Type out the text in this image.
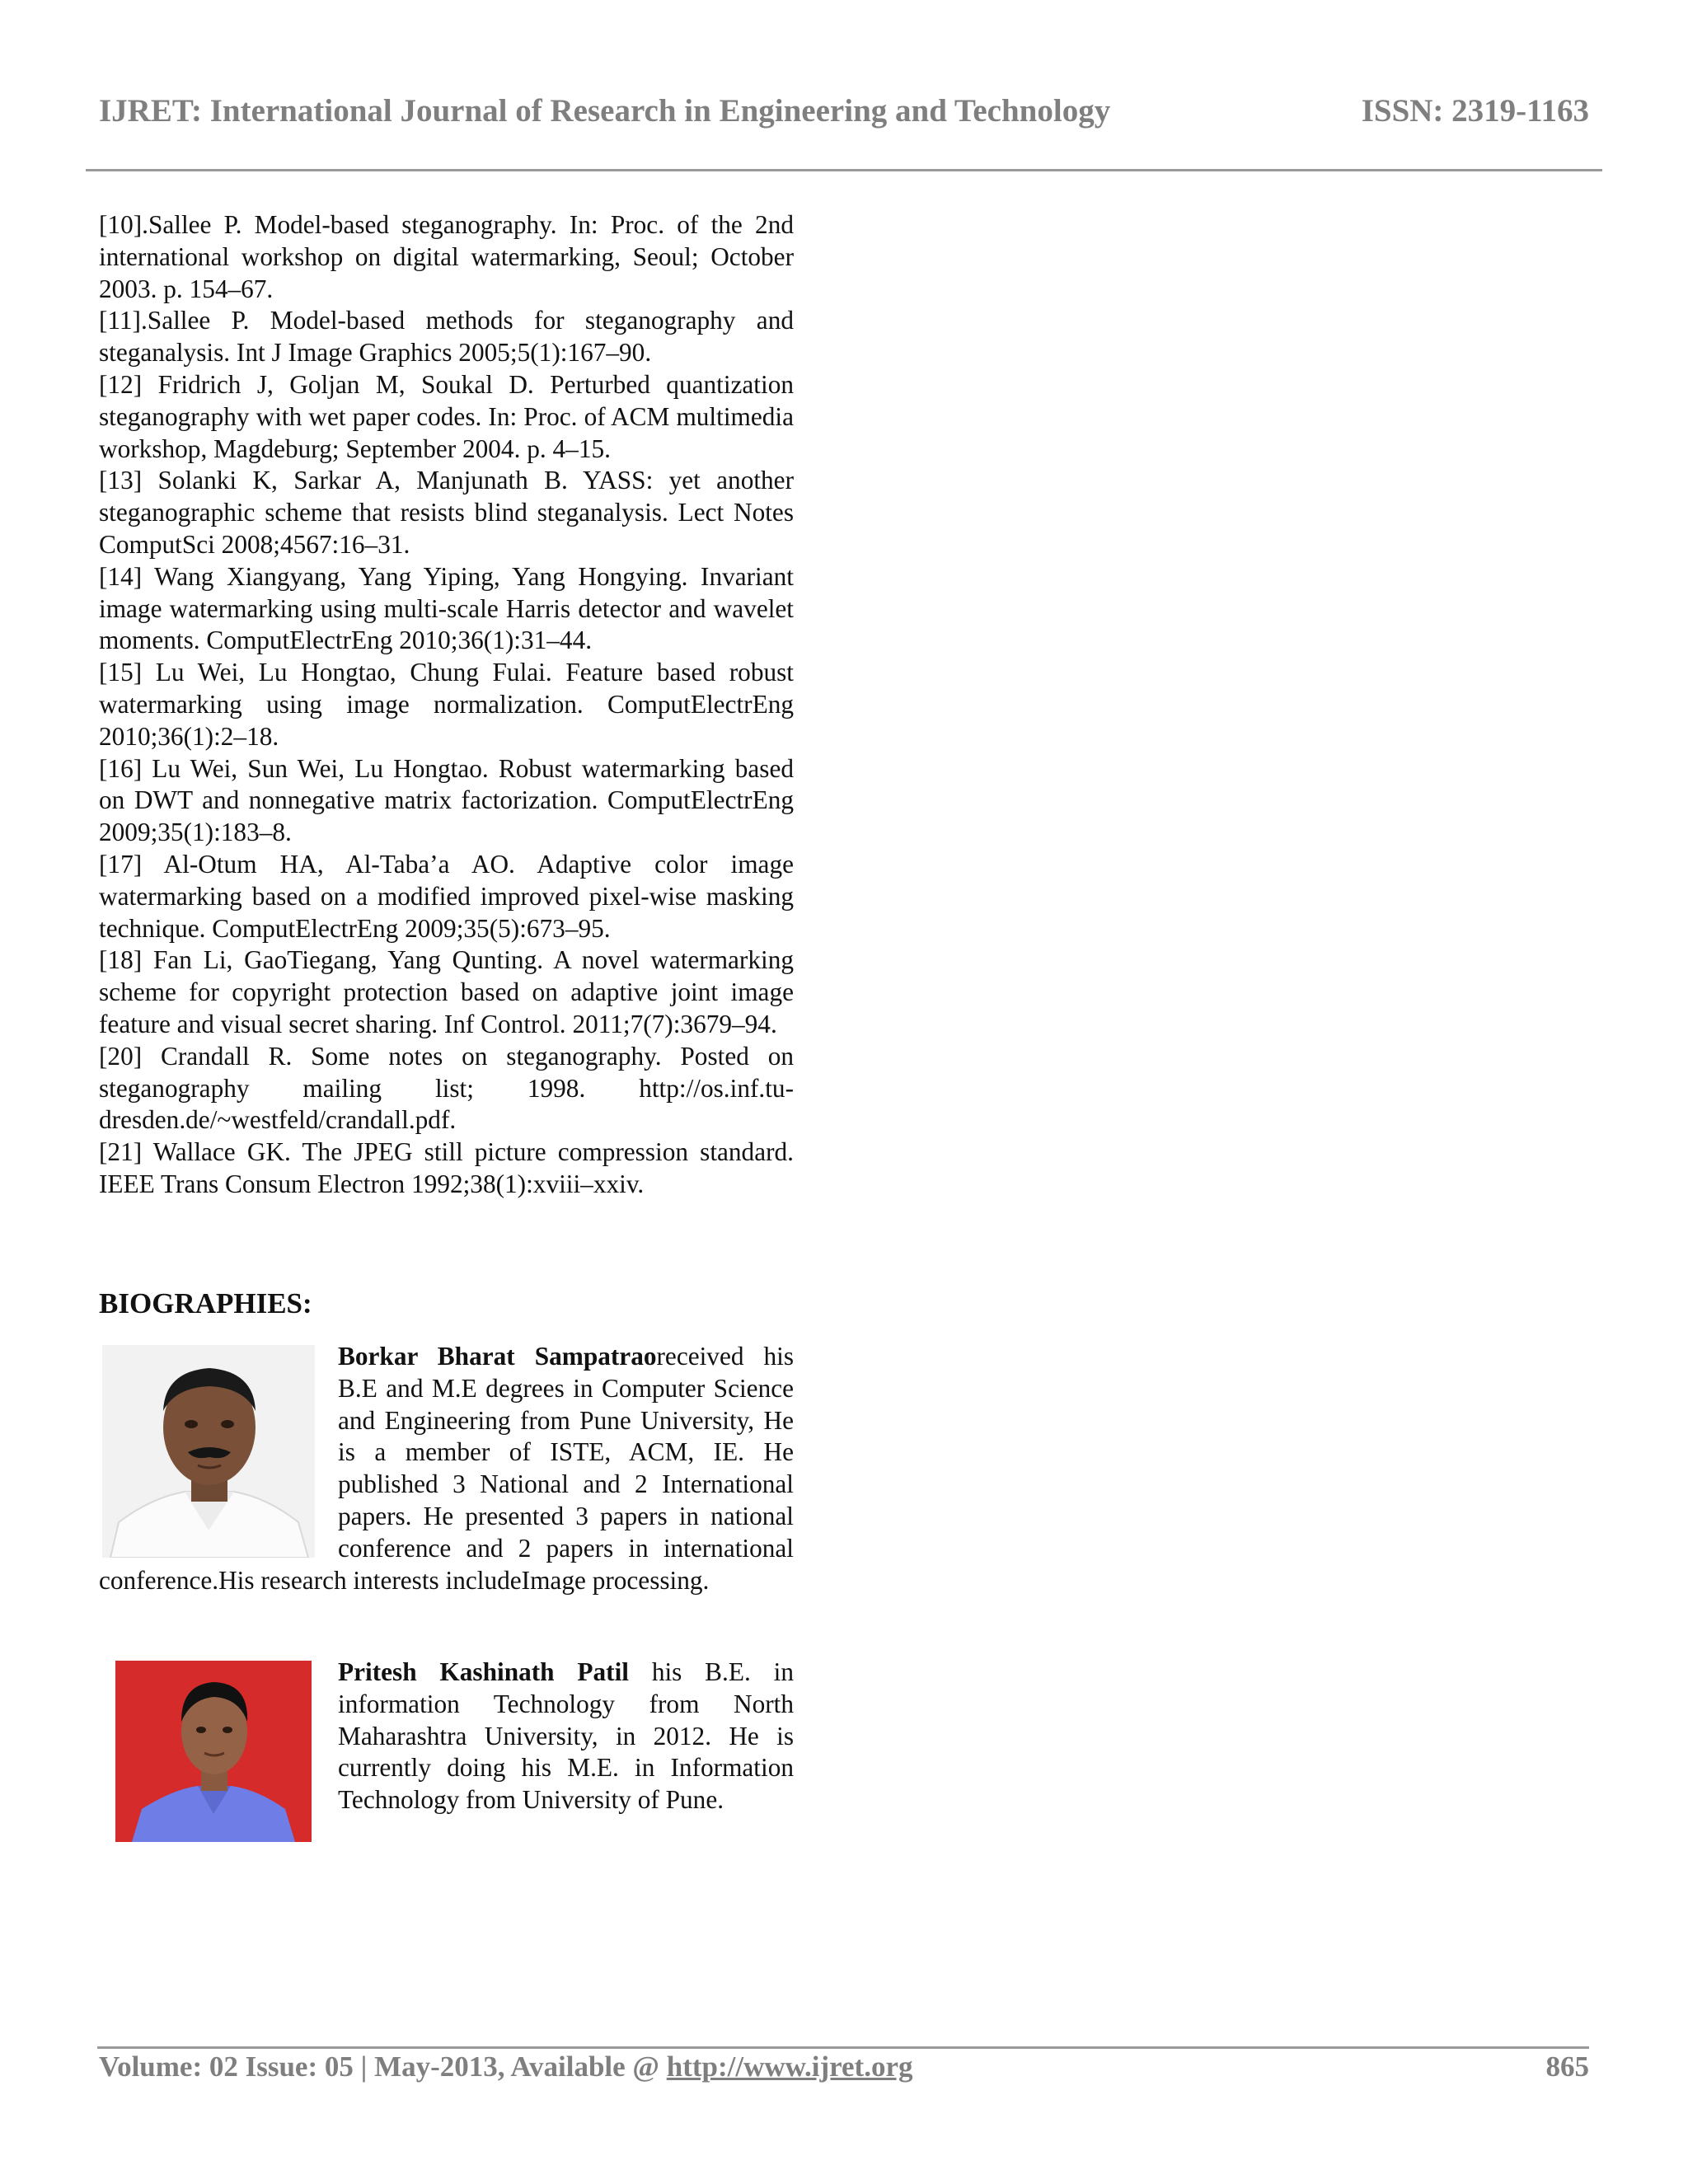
IJRET: International Journal of Research in Engineering and Technology	ISSN: 2319-1163

[10].Sallee P. Model-based steganography. In: Proc. of the 2nd international workshop on digital watermarking, Seoul; October 2003. p. 154–67.

[11].Sallee P. Model-based methods for steganography and steganalysis. Int J Image Graphics 2005;5(1):167–90.

[12] Fridrich J, Goljan M, Soukal D. Perturbed quantization steganography with wet paper codes. In: Proc. of ACM multimedia workshop, Magdeburg; September 2004. p. 4–15.

[13] Solanki K, Sarkar A, Manjunath B. YASS: yet another steganographic scheme that resists blind steganalysis. Lect Notes ComputSci 2008;4567:16–31.

[14] Wang Xiangyang, Yang Yiping, Yang Hongying. Invariant image watermarking using multi-scale Harris detector and wavelet moments. ComputElectrEng 2010;36(1):31–44.

[15] Lu Wei, Lu Hongtao, Chung Fulai. Feature based robust watermarking using image normalization. ComputElectrEng 2010;36(1):2–18.

[16] Lu Wei, Sun Wei, Lu Hongtao. Robust watermarking based on DWT and nonnegative matrix factorization. ComputElectrEng 2009;35(1):183–8.

[17] Al-Otum HA, Al-Taba’a AO. Adaptive color image watermarking based on a modified improved pixel-wise masking technique. ComputElectrEng 2009;35(5):673–95.

[18] Fan Li, GaoTiegang, Yang Qunting. A novel watermarking scheme for copyright protection based on adaptive joint image feature and visual secret sharing. Inf Control. 2011;7(7):3679–94.

[20] Crandall R. Some notes on steganography. Posted on steganography mailing list; 1998. http://os.inf.tu-dresden.de/~westfeld/crandall.pdf.

[21] Wallace GK. The JPEG still picture compression standard. IEEE Trans Consum Electron 1992;38(1):xviii–xxiv.

BIOGRAPHIES:

Borkar Bharat Sampatraoreceived his B.E and M.E degrees in Computer Science and Engineering from Pune University, He is a member of ISTE, ACM, IE. He published 3 National and 2 International papers. He presented 3 papers in national conference and 2 papers in international conference.His research interests includeImage processing.

Pritesh Kashinath Patil his B.E. in information Technology from North Maharashtra University, in 2012. He is currently doing his M.E. in Information Technology from University of Pune.

Volume: 02 Issue: 05 | May-2013, Available @ http://www.ijret.org	865
